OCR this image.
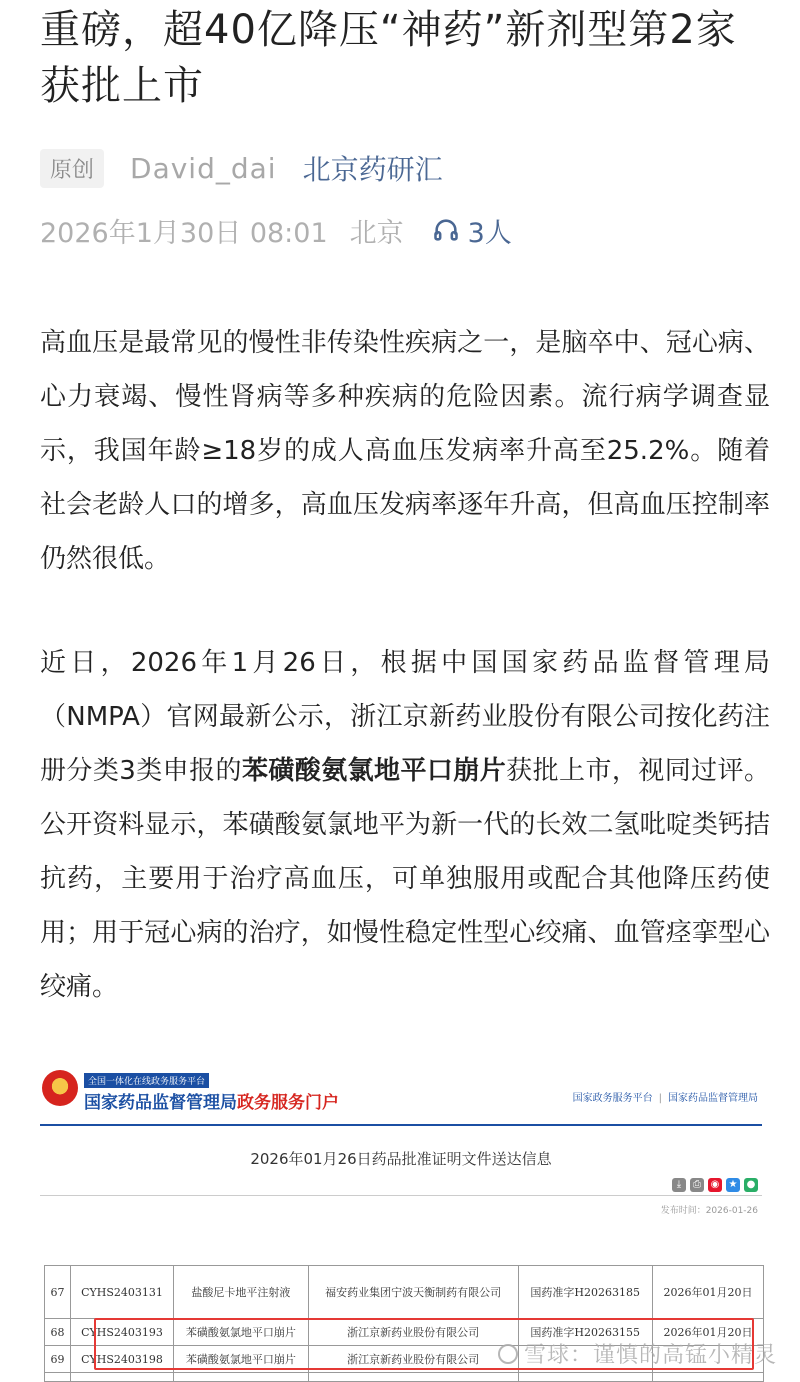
重磅，超40亿降压“神药”新剂型第2家获批上市
原创	David_dai 北京药研汇
2026年1月30日 08:01 北京 3人

高血压是最常见的慢性非传染性疾病之一，是脑卒中、冠心病、心力衰竭、慢性肾病等多种疾病的危险因素。流行病学调查显示，我国年龄≥18岁的成人高血压发病率升高至25.2%。随着社会老龄人口的增多，高血压发病率逐年升高，但高血压控制率仍然很低。

近日，2026年1月26日，根据中国国家药品监督管理局（NMPA）官网最新公示，浙江京新药业股份有限公司按化药注册分类3类申报的苯磺酸氨氯地平口崩片获批上市，视同过评。公开资料显示，苯磺酸氨氯地平为新一代的长效二氢吡啶类钙拮抗药，主要用于治疗高血压，可单独服用或配合其他降压药使用；用于冠心病的治疗，如慢性稳定性型心绞痛、血管痉挛型心绞痛。

全国一体化在线政务服务平台
国家药品监督管理局政务服务门户	国家政务服务平台 | 国家药品监督管理局
2026年01月26日药品批准证明文件送达信息
⤓	⎙ ◉ ★ ●
发布时间：2026-01-26
67	CYHS2403131	盐酸尼卡地平注射液	福安药业集团宁波天衡制药有限公司	国药准字H20263185	2026年01月20日
68	CYHS2403193	苯磺酸氨氯地平口崩片	浙江京新药业股份有限公司	国药准字H20263155	2026年01月20日
69	CYHS2403198	苯磺酸氨氯地平口崩片	浙江京新药业股份有限公司		
					雪球：谨慎的高锰小精灵
